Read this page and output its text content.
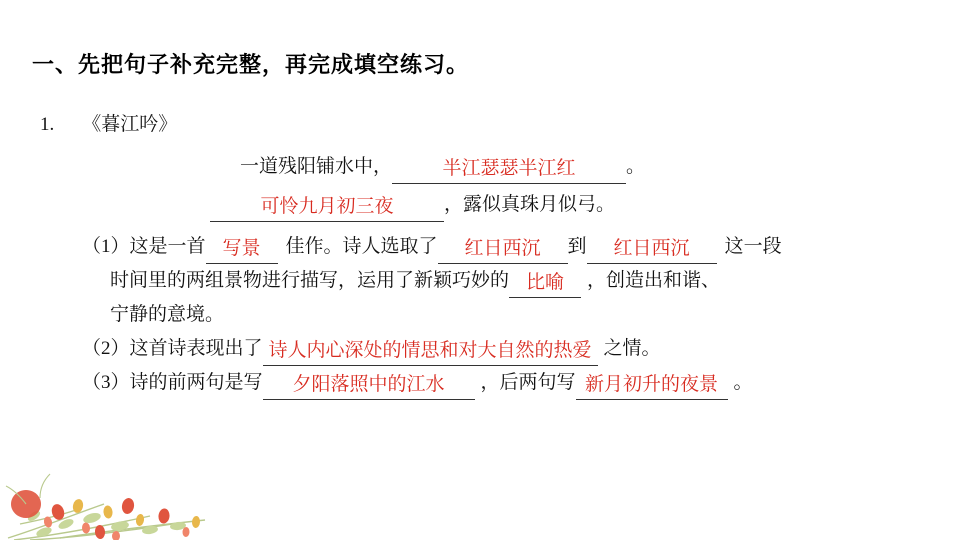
一、先把句子补充完整，再完成填空练习。
1.	《暮江吟》
一道残阳铺水中，	半江瑟瑟半江红	。
可怜九月初三夜	，露似真珠月似弓。
（1） 这是一首 写景	佳作。诗人选取了	红日西沉	到	红日西沉	这一段
时间里的两组景物进行描写，运用了新颖巧妙的 比喻	，创造出和谐、
宁静的意境。
（2） 这首诗表现出了 诗人内心深处的情思和对大自然的热爱 之情。
（3） 诗的前两句是写	夕阳落照中的江水	，后两句写 新月初升的夜景 。
